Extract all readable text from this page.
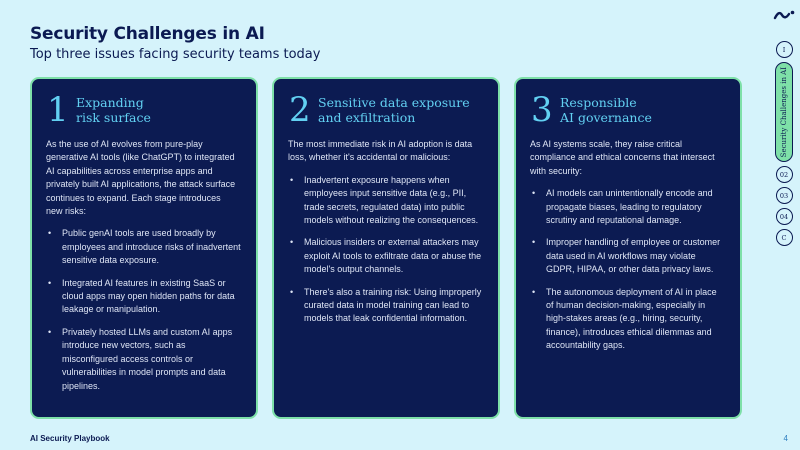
Security Challenges in AI
Top three issues facing security teams today
1 Expanding
risk surface
As the use of AI evolves from pure-play generative AI tools (like ChatGPT) to integrated AI capabilities across enterprise apps and privately built AI applications, the attack surface continues to expand. Each stage introduces new risks:
• Public genAI tools are used broadly by employees and introduce risks of inadvertent sensitive data exposure.
• Integrated AI features in existing SaaS or cloud apps may open hidden paths for data leakage or manipulation.
• Privately hosted LLMs and custom AI apps introduce new vectors, such as misconfigured access controls or vulnerabilities in model prompts and data pipelines.
2 Sensitive data exposure
and exfiltration
The most immediate risk in AI adoption is data loss, whether it's accidental or malicious:
• Inadvertent exposure happens when employees input sensitive data (e.g., PII, trade secrets, regulated data) into public models without realizing the consequences.
• Malicious insiders or external attackers may exploit AI tools to exfiltrate data or abuse the model's output channels.
• There's also a training risk: Using improperly curated data in model training can lead to models that leak confidential information.
3 Responsible
AI governance
As AI systems scale, they raise critical compliance and ethical concerns that intersect with security:
• AI models can unintentionally encode and propagate biases, leading to regulatory scrutiny and reputational damage.
• Improper handling of employee or customer data used in AI workflows may violate GDPR, HIPAA, or other data privacy laws.
• The autonomous deployment of AI in place of human decision-making, especially in high-stakes areas (e.g., hiring, security, finance), introduces ethical dilemmas and accountability gaps.
AI Security Playbook	4
I
Security Challenges in AI
02
03
04
C
